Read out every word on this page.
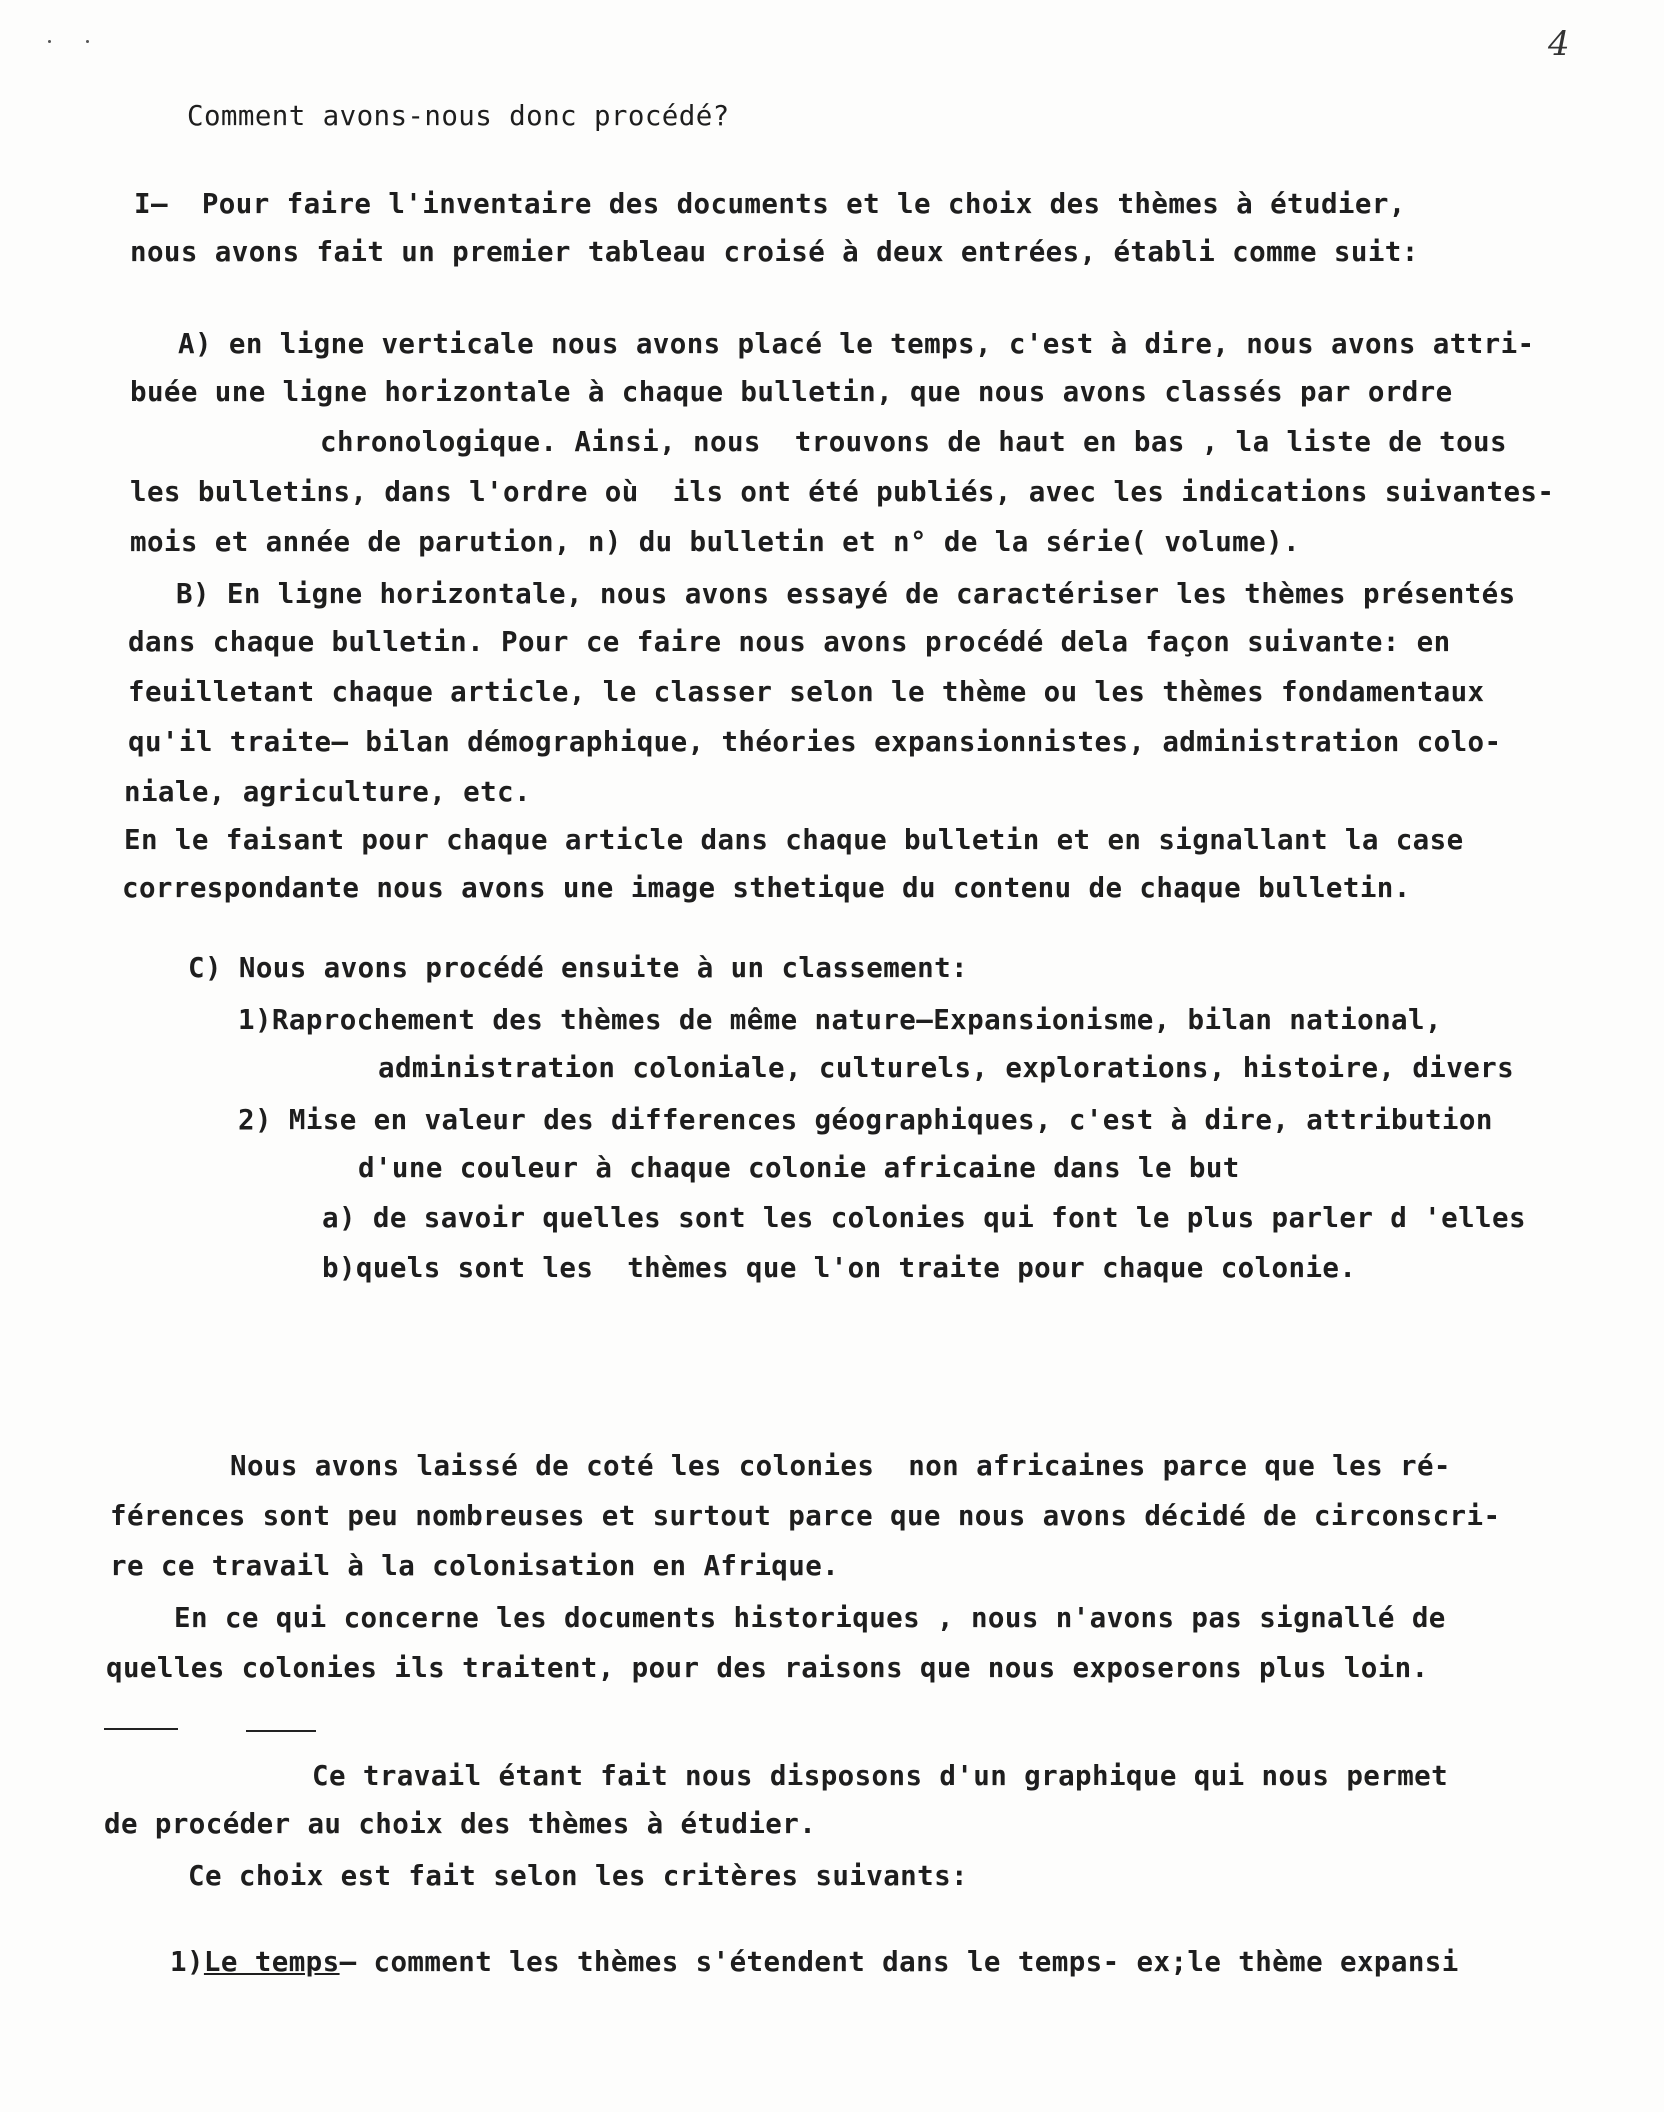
4
Comment avons-nous donc procédé?
I—  Pour faire l'inventaire des documents et le choix des thèmes à étudier,
nous avons fait un premier tableau croisé à deux entrées, établi comme suit:
A) en ligne verticale nous avons placé le temps, c'est à dire, nous avons attri-
buée une ligne horizontale à chaque bulletin, que nous avons classés par ordre
chronologique. Ainsi, nous  trouvons de haut en bas , la liste de tous
les bulletins, dans l'ordre où  ils ont été publiés, avec les indications suivantes-
mois et année de parution, n) du bulletin et n° de la série( volume).
B) En ligne horizontale, nous avons essayé de caractériser les thèmes présentés
dans chaque bulletin. Pour ce faire nous avons procédé dela façon suivante: en
feuilletant chaque article, le classer selon le thème ou les thèmes fondamentaux
qu'il traite— bilan démographique, théories expansionnistes, administration colo-
niale, agriculture, etc.
En le faisant pour chaque article dans chaque bulletin et en signallant la case
correspondante nous avons une image sthetique du contenu de chaque bulletin.
C) Nous avons procédé ensuite à un classement:
1)Raprochement des thèmes de même nature—Expansionisme, bilan national,
administration coloniale, culturels, explorations, histoire, divers
2) Mise en valeur des differences géographiques, c'est à dire, attribution
d'une couleur à chaque colonie africaine dans le but
a) de savoir quelles sont les colonies qui font le plus parler d 'elles
b)quels sont les  thèmes que l'on traite pour chaque colonie.
Nous avons laissé de coté les colonies  non africaines parce que les ré-
férences sont peu nombreuses et surtout parce que nous avons décidé de circonscri-
re ce travail à la colonisation en Afrique.
En ce qui concerne les documents historiques , nous n'avons pas signallé de
quelles colonies ils traitent, pour des raisons que nous exposerons plus loin.
Ce travail étant fait nous disposons d'un graphique qui nous permet
de procéder au choix des thèmes à étudier.
Ce choix est fait selon les critères suivants:
1)Le temps— comment les thèmes s'étendent dans le temps- ex;le thème expansi
